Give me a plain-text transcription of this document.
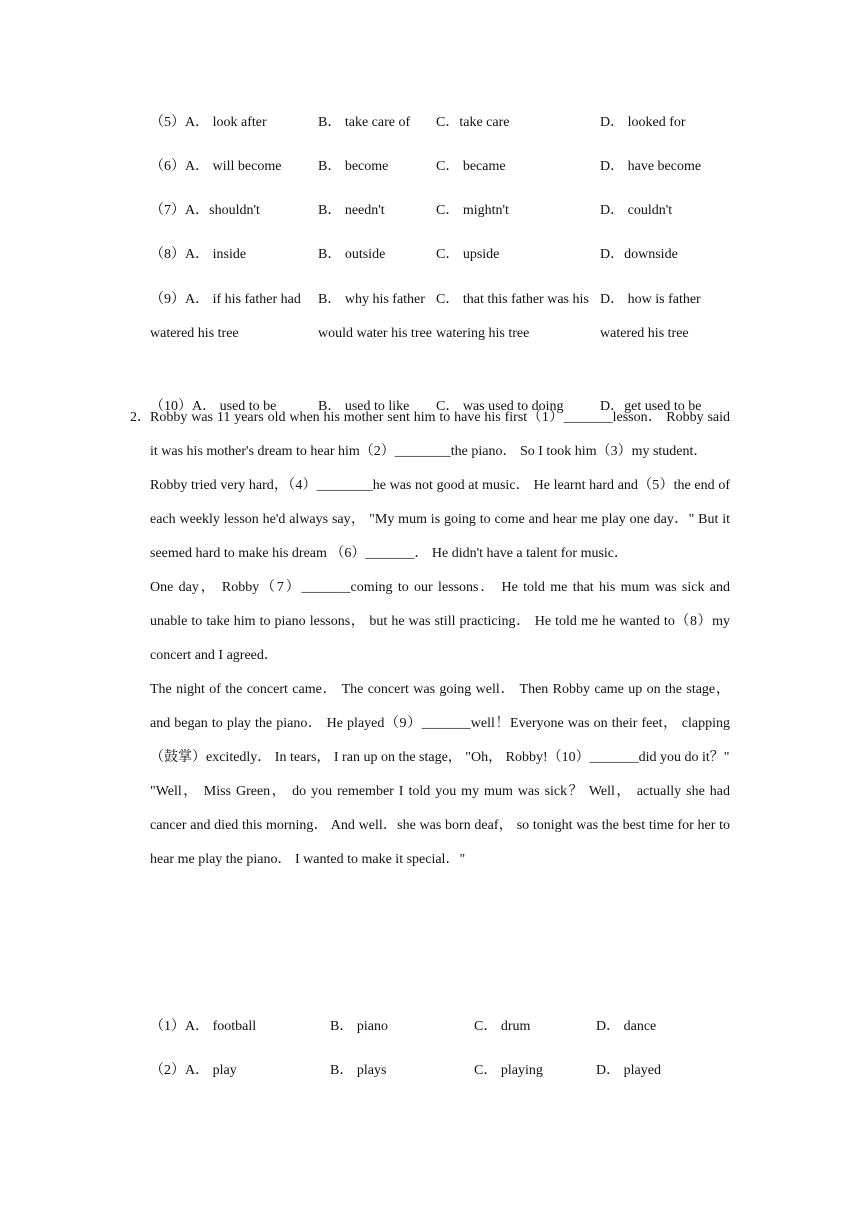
（5）A． look after	B． take care of	C．take care	D． looked for
（6）A． will become	B． become	C． became	D． have become
（7）A．shouldn't	B． needn't	C． mightn't	D． couldn't
（8）A． inside	B． outside	C． upside	D．downside
（9）A． if his father had watered his tree	B． why his father would water his tree	C． that this father was his watering his tree	D． how is father watered his tree
（10）A． used to be	B． used to like	C． was used to doing	D．get used to be
2． Robby was 11 years old when his mother sent him to have his first（1）_______lesson． Robby said it was his mother's dream to hear him（2）________the piano． So I took him（3）my student．

Robby tried very hard，（4）________he was not good at music． He learnt hard and（5）the end of each weekly lesson he'd always say， "My mum is going to come and hear me play one day．" But it seemed hard to make his dream （6）_______． He didn't have a talent for music．

One day， Robby（7）_______coming to our lessons． He told me that his mum was sick and unable to take him to piano lessons， but he was still practicing． He told me he wanted to（8）my concert and I agreed．

The night of the concert came． The concert was going well． Then Robby came up on the stage， and began to play the piano． He played（9）_______well！Everyone was on their feet， clapping（鼓掌）excitedly． In tears， I ran up on the stage， "Oh， Robby!（10）_______did you do it？"

"Well， Miss Green， do you remember I told you my mum was sick？ Well， actually she had cancer and died this morning． And well．she was born deaf， so tonight was the best time for her to hear me play the piano． I wanted to make it special．"

（1）A． football	B． piano	C． drum	D． dance
（2）A． play	B． plays	C． playing	D． played
